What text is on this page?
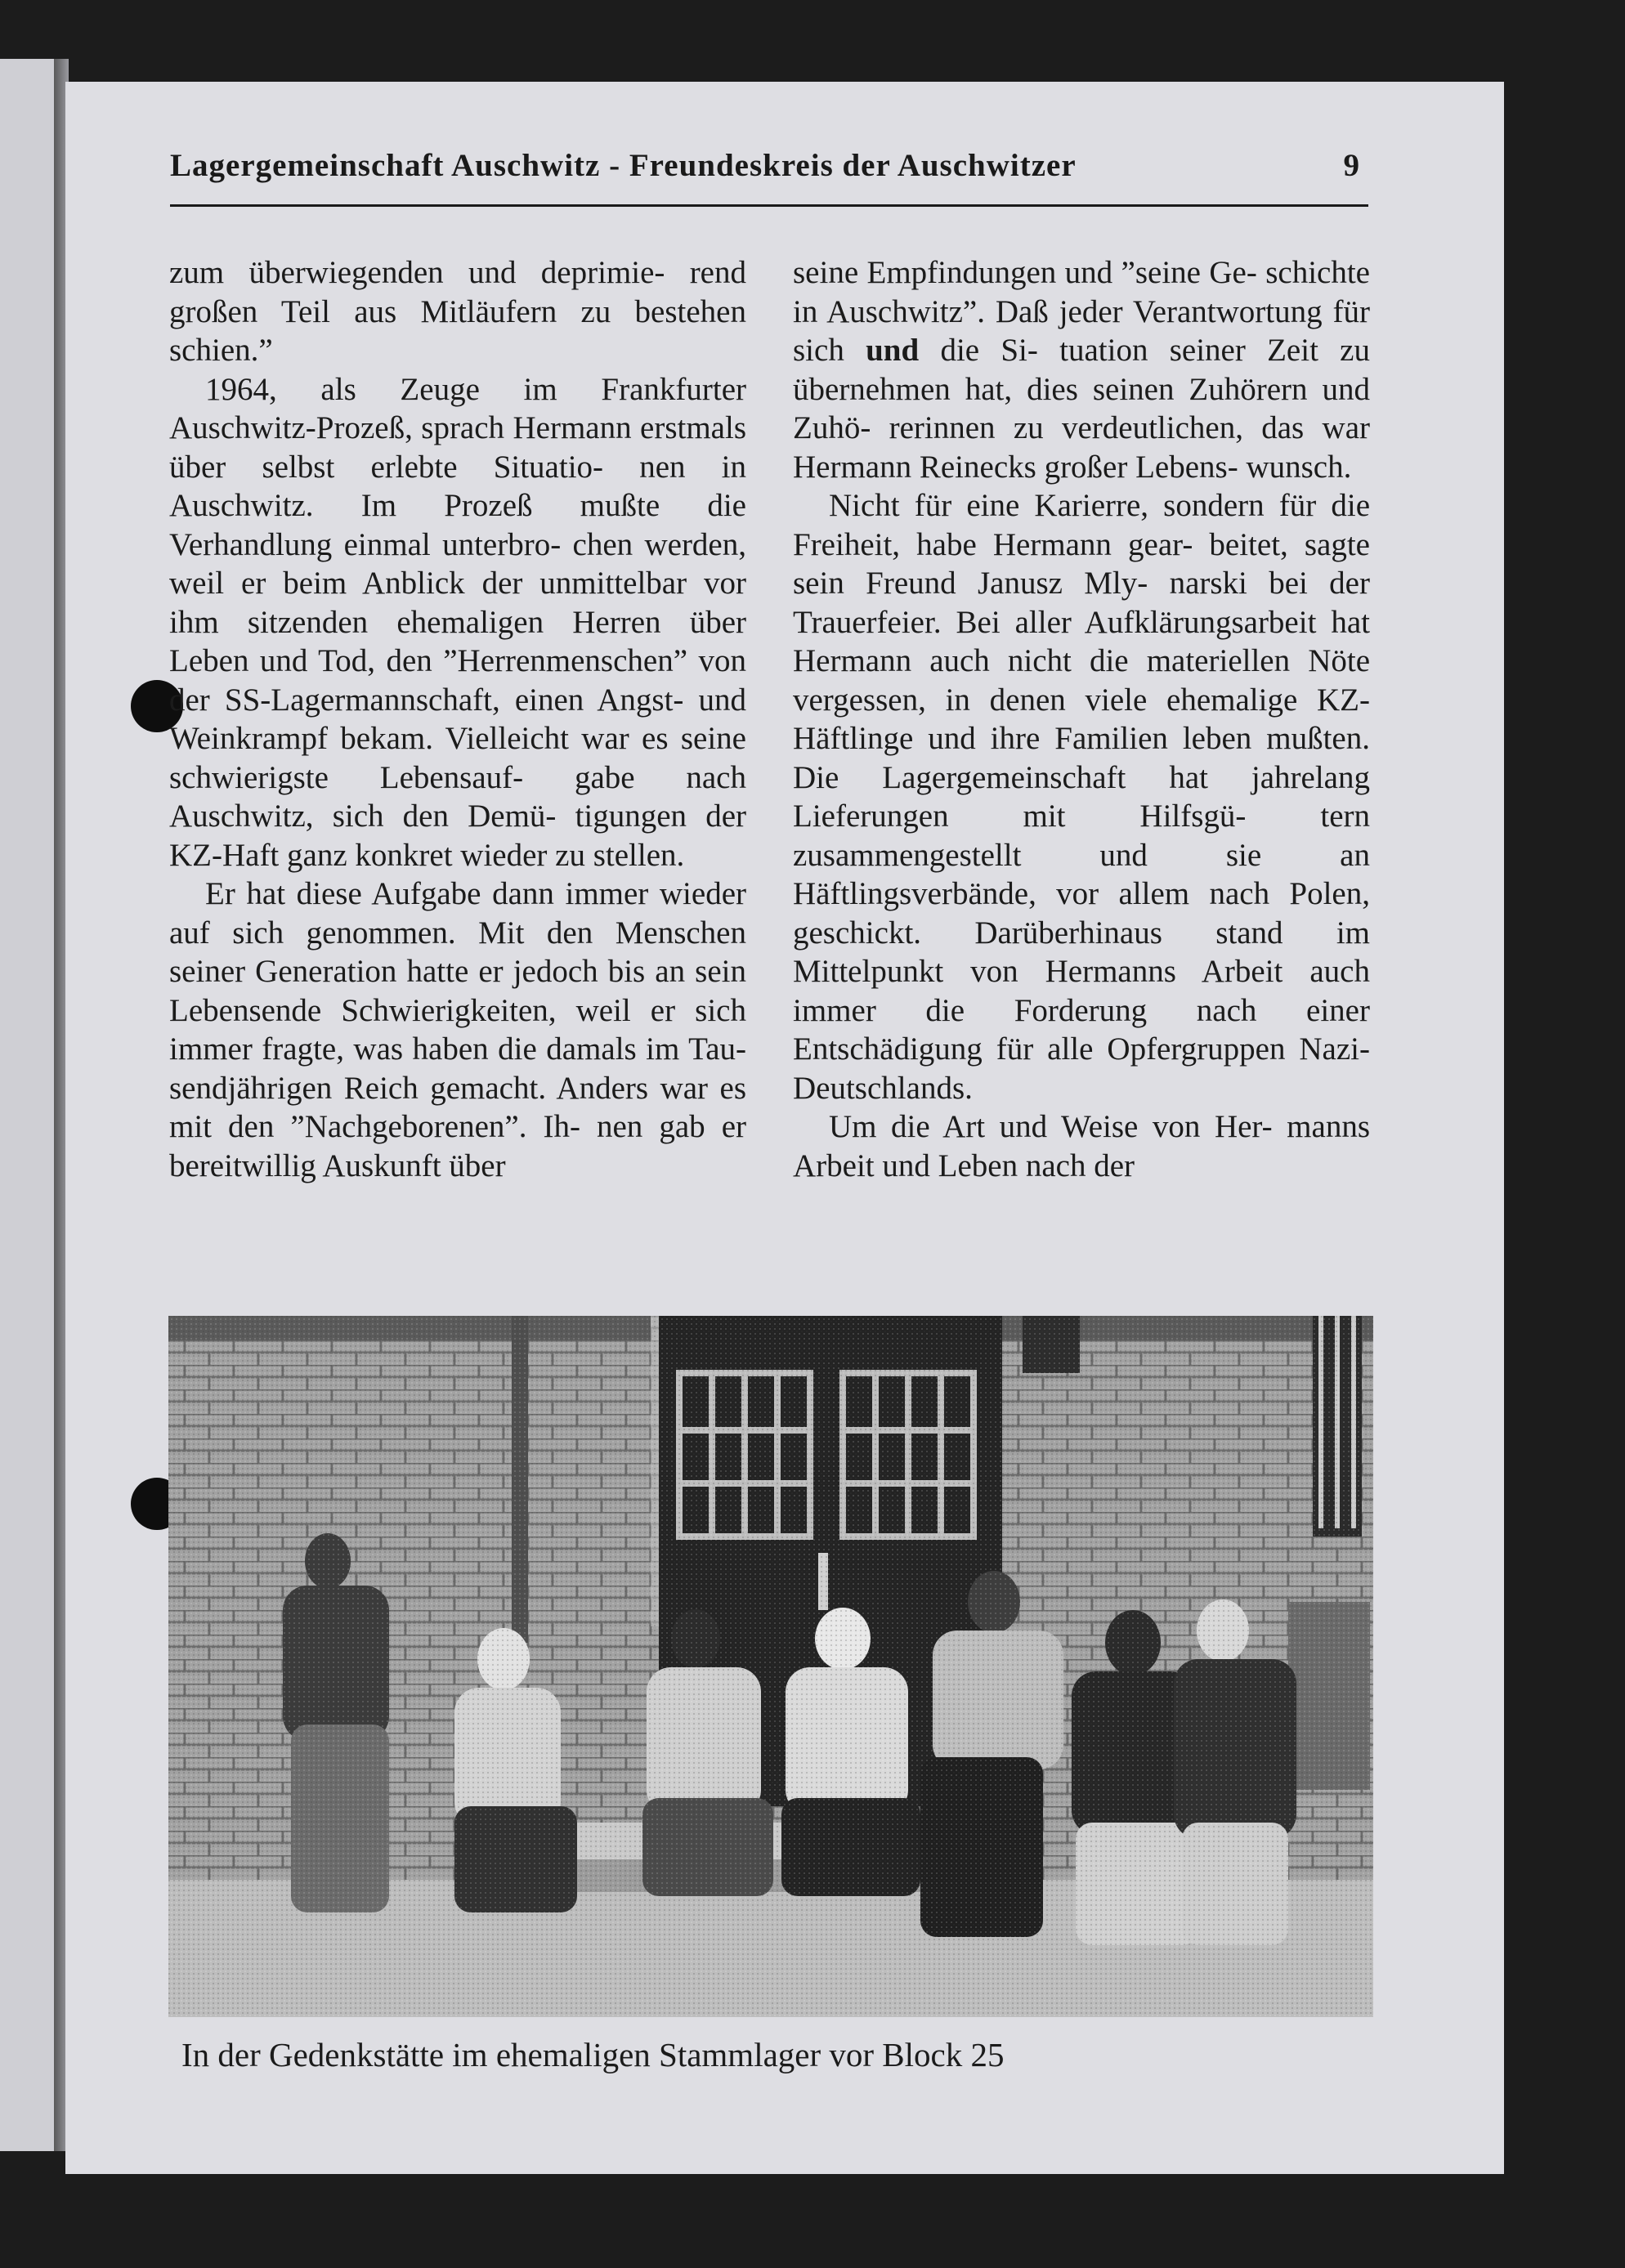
Lagergemeinschaft Auschwitz - Freundeskreis der Auschwitzer	9

zum überwiegenden und deprimie- rend großen Teil aus Mitläufern zu bestehen schien.”

1964, als Zeuge im Frankfurter Auschwitz-Prozeß, sprach Hermann erstmals über selbst erlebte Situatio- nen in Auschwitz. Im Prozeß mußte die Verhandlung einmal unterbro- chen werden, weil er beim Anblick der unmittelbar vor ihm sitzenden ehemaligen Herren über Leben und Tod, den ”Herrenmenschen” von der SS-Lagermannschaft, einen Angst- und Weinkrampf bekam. Vielleicht war es seine schwierigste Lebensauf- gabe nach Auschwitz, sich den Demü- tigungen der KZ-Haft ganz konkret wieder zu stellen.

Er hat diese Aufgabe dann immer wieder auf sich genommen. Mit den Menschen seiner Generation hatte er jedoch bis an sein Lebensende Schwierigkeiten, weil er sich immer fragte, was haben die damals im Tau- sendjährigen Reich gemacht. Anders war es mit den ”Nachgeborenen”. Ih- nen gab er bereitwillig Auskunft über

seine Empfindungen und ”seine Ge- schichte in Auschwitz”. Daß jeder Verantwortung für sich und die Si- tuation seiner Zeit zu übernehmen hat, dies seinen Zuhörern und Zuhö- rerinnen zu verdeutlichen, das war Hermann Reinecks großer Lebens- wunsch.

Nicht für eine Karierre, sondern für die Freiheit, habe Hermann gear- beitet, sagte sein Freund Janusz Mly- narski bei der Trauerfeier. Bei aller Aufklärungsarbeit hat Hermann auch nicht die materiellen Nöte vergessen, in denen viele ehemalige KZ- Häftlinge und ihre Familien leben mußten. Die Lagergemeinschaft hat jahrelang Lieferungen mit Hilfsgü- tern zusammengestellt und sie an Häftlingsverbände, vor allem nach Polen, geschickt. Darüberhinaus stand im Mittelpunkt von Hermanns Arbeit auch immer die Forderung nach einer Entschädigung für alle Opfergruppen Nazi-Deutschlands.

Um die Art und Weise von Her- manns Arbeit und Leben nach der

In der Gedenkstätte im ehemaligen Stammlager vor Block 25
